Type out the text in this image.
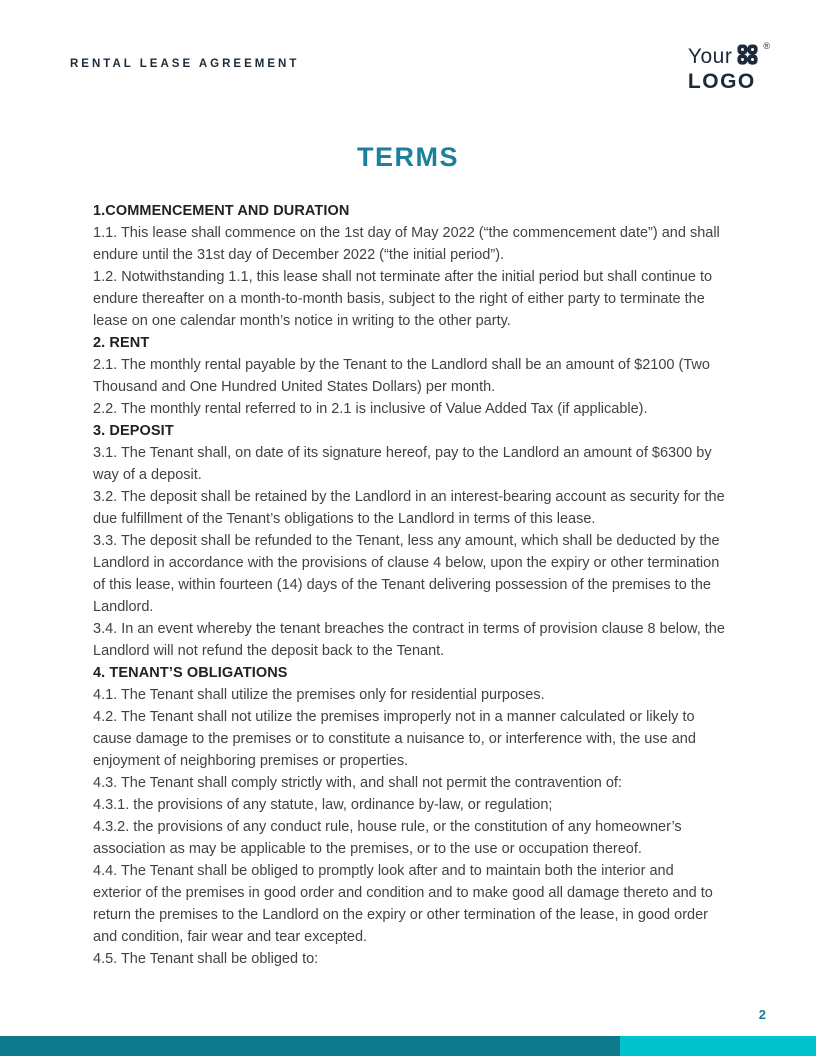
RENTAL LEASE AGREEMENT	Your	®
LOGO
TERMS

1.COMMENCEMENT AND DURATION

1.1. This lease shall commence on the 1st day of May 2022 (“the commencement date”) and shall endure until the 31st day of December 2022 (“the initial period”).

1.2. Notwithstanding 1.1, this lease shall not terminate after the initial period but shall continue to endure thereafter on a month-to-month basis, subject to the right of either party to terminate the lease on one calendar month’s notice in writing to the other party.

2. RENT

2.1. The monthly rental payable by the Tenant to the Landlord shall be an amount of $2100 (Two Thousand and One Hundred United States Dollars) per month.

2.2. The monthly rental referred to in 2.1 is inclusive of Value Added Tax (if applicable).

3. DEPOSIT

3.1. The Tenant shall, on date of its signature hereof, pay to the Landlord an amount of $6300 by way of a deposit.

3.2. The deposit shall be retained by the Landlord in an interest-bearing account as security for the due fulfillment of the Tenant’s obligations to the Landlord in terms of this lease.

3.3. The deposit shall be refunded to the Tenant, less any amount, which shall be deducted by the Landlord in accordance with the provisions of clause 4 below, upon the expiry or other termination of this lease, within fourteen (14) days of the Tenant delivering possession of the premises to the Landlord.

3.4. In an event whereby the tenant breaches the contract in terms of provision clause 8 below, the Landlord will not refund the deposit back to the Tenant.

4. TENANT’S OBLIGATIONS

4.1. The Tenant shall utilize the premises only for residential purposes.

4.2. The Tenant shall not utilize the premises improperly not in a manner calculated or likely to cause damage to the premises or to constitute a nuisance to, or interference with, the use and enjoyment of neighboring premises or properties.

4.3. The Tenant shall comply strictly with, and shall not permit the contravention of:

4.3.1. the provisions of any statute, law, ordinance by-law, or regulation;

4.3.2. the provisions of any conduct rule, house rule, or the constitution of any homeowner’s association as may be applicable to the premises, or to the use or occupation thereof.

4.4. The Tenant shall be obliged to promptly look after and to maintain both the interior and exterior of the premises in good order and condition and to make good all damage thereto and to return the premises to the Landlord on the expiry or other termination of the lease, in good order and condition, fair wear and tear excepted.

4.5. The Tenant shall be obliged to:

2
